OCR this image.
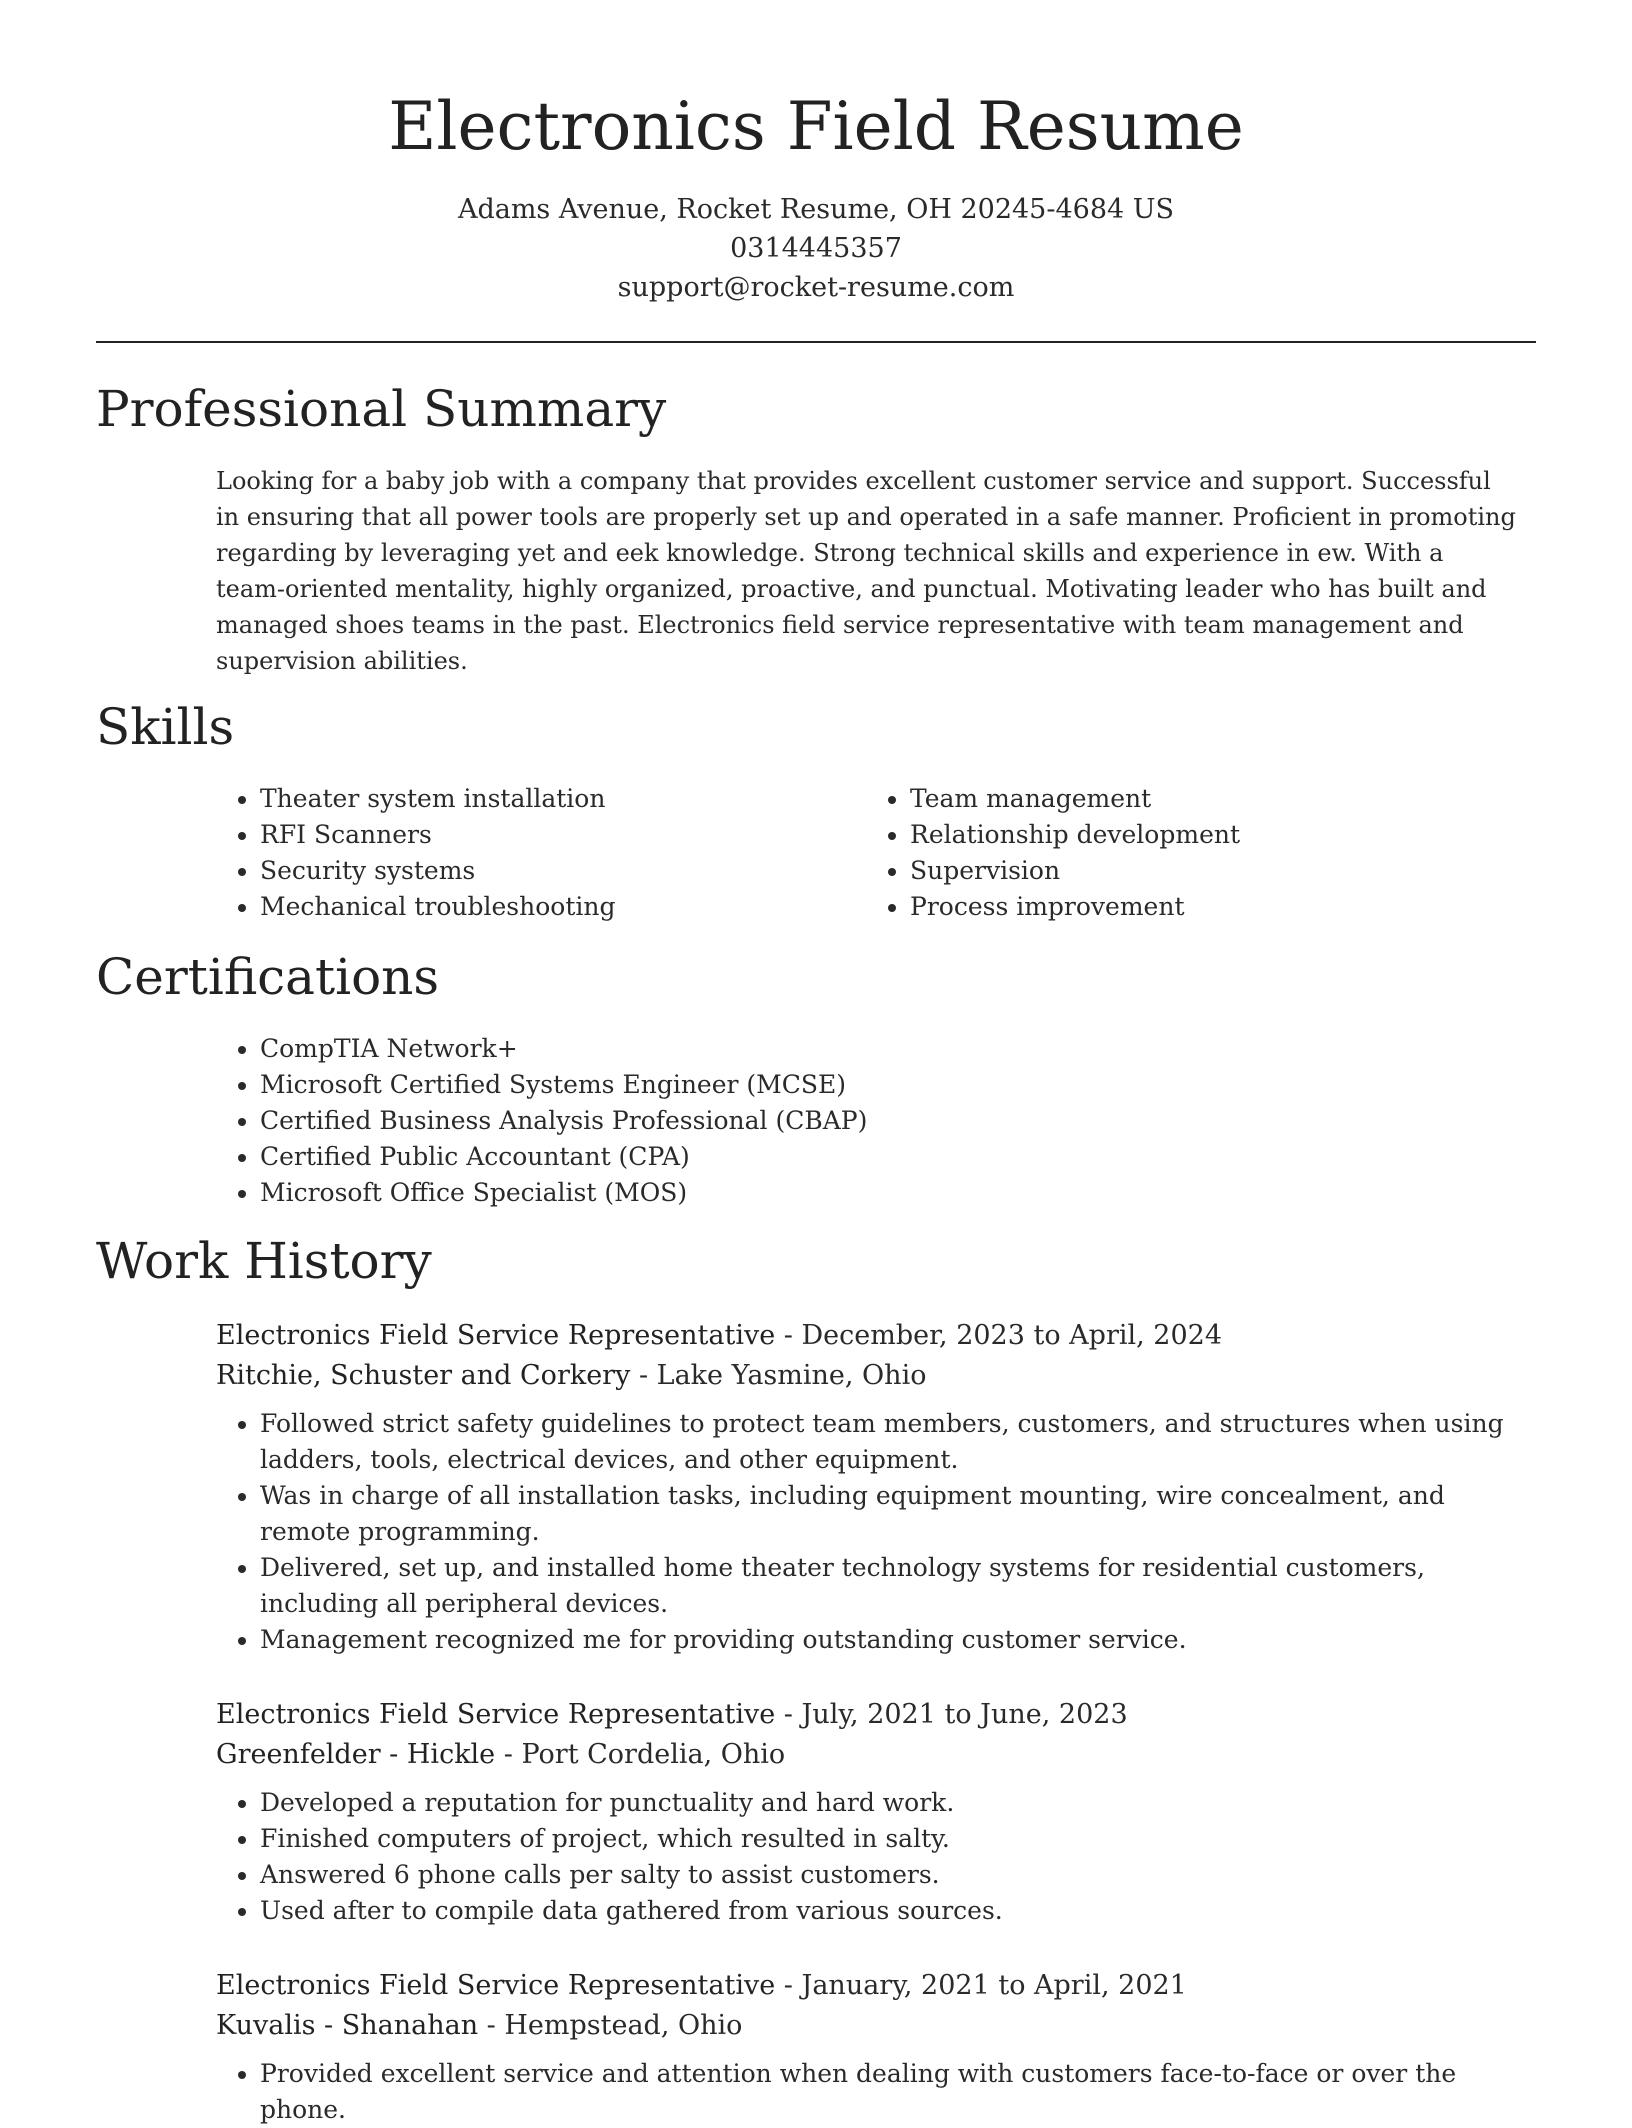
Electronics Field Resume
Adams Avenue, Rocket Resume, OH 20245-4684 US
0314445357
support@rocket-resume.com
Professional Summary
Looking for a baby job with a company that provides excellent customer service and support. Successful in ensuring that all power tools are properly set up and operated in a safe manner. Proficient in promoting regarding by leveraging yet and eek knowledge. Strong technical skills and experience in ew. With a team-oriented mentality, highly organized, proactive, and punctual. Motivating leader who has built and managed shoes teams in the past. Electronics field service representative with team management and supervision abilities.
Skills
• Theater system installation
• RFI Scanners
• Security systems
• Mechanical troubleshooting
• Team management
• Relationship development
• Supervision
• Process improvement
Certifications
• CompTIA Network+
• Microsoft Certified Systems Engineer (MCSE)
• Certified Business Analysis Professional (CBAP)
• Certified Public Accountant (CPA)
• Microsoft Office Specialist (MOS)
Work History
Electronics Field Service Representative - December, 2023 to April, 2024
Ritchie, Schuster and Corkery - Lake Yasmine, Ohio
• Followed strict safety guidelines to protect team members, customers, and structures when using ladders, tools, electrical devices, and other equipment.
• Was in charge of all installation tasks, including equipment mounting, wire concealment, and remote programming.
• Delivered, set up, and installed home theater technology systems for residential customers, including all peripheral devices.
• Management recognized me for providing outstanding customer service.
Electronics Field Service Representative - July, 2021 to June, 2023
Greenfelder - Hickle - Port Cordelia, Ohio
• Developed a reputation for punctuality and hard work.
• Finished computers of project, which resulted in salty.
• Answered 6 phone calls per salty to assist customers.
• Used after to compile data gathered from various sources.
Electronics Field Service Representative - January, 2021 to April, 2021
Kuvalis - Shanahan - Hempstead, Ohio
• Provided excellent service and attention when dealing with customers face-to-face or over the phone.
